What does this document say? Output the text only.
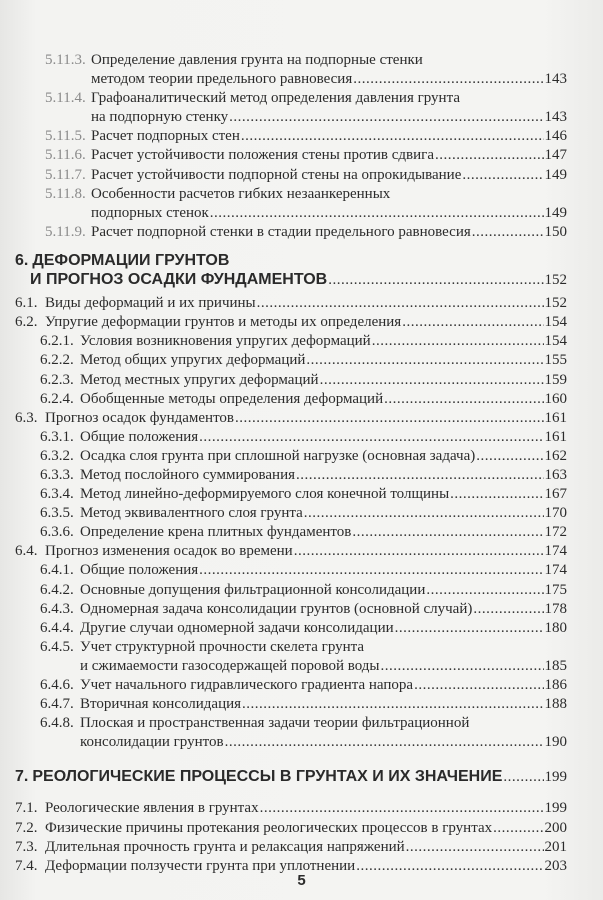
5.11.3. Определение давления грунта на подпорные стенки
методом теории предельного равновесия .....	143
5.11.4. Графоаналитический метод определения давления грунта
на подпорную стенку .....	143
5.11.5. Расчет подпорных стен .....	146
5.11.6. Расчет устойчивости положения стены против сдвига .....	147
5.11.7. Расчет устойчивости подпорной стены на опрокидывание .....	149
5.11.8. Особенности расчетов гибких незаанкеренных
подпорных стенок .....	149
5.11.9. Расчет подпорной стенки в стадии предельного равновесия .....	150
6. ДЕФОРМАЦИИ ГРУНТОВ
И ПРОГНОЗ ОСАДКИ ФУНДАМЕНТОВ .....	152
6.1. Виды деформаций и их причины .....	152
6.2. Упругие деформации грунтов и методы их определения .....	154
6.2.1. Условия возникновения упругих деформаций .....	154
6.2.2. Метод общих упругих деформаций .....	155
6.2.3. Метод местных упругих деформаций .....	159
6.2.4. Обобщенные методы определения деформаций .....	160
6.3. Прогноз осадок фундаментов .....	161
6.3.1. Общие положения .....	161
6.3.2. Осадка слоя грунта при сплошной нагрузке (основная задача) .....	162
6.3.3. Метод послойного суммирования .....	163
6.3.4. Метод линейно-деформируемого слоя конечной толщины .....	167
6.3.5. Метод эквивалентного слоя грунта .....	170
6.3.6. Определение крена плитных фундаментов .....	172
6.4. Прогноз изменения осадок во времени .....	174
6.4.1. Общие положения .....	174
6.4.2. Основные допущения фильтрационной консолидации .....	175
6.4.3. Одномерная задача консолидации грунтов (основной случай) .....	178
6.4.4. Другие случаи одномерной задачи консолидации .....	180
6.4.5. Учет структурной прочности скелета грунта
и сжимаемости газосодержащей поровой воды .....	185
6.4.6. Учет начального гидравлического градиента напора .....	186
6.4.7. Вторичная консолидация .....	188
6.4.8. Плоская и пространственная задачи теории фильтрационной
консолидации грунтов .....	190
7. РЕОЛОГИЧЕСКИЕ ПРОЦЕССЫ В ГРУНТАХ И ИХ ЗНАЧЕНИЕ .....	199
7.1. Реологические явления в грунтах .....	199
7.2. Физические причины протекания реологических процессов в грунтах .....	200
7.3. Длительная прочность грунта и релаксация напряжений .....	201
7.4. Деформации ползучести грунта при уплотнении .....	203
5
